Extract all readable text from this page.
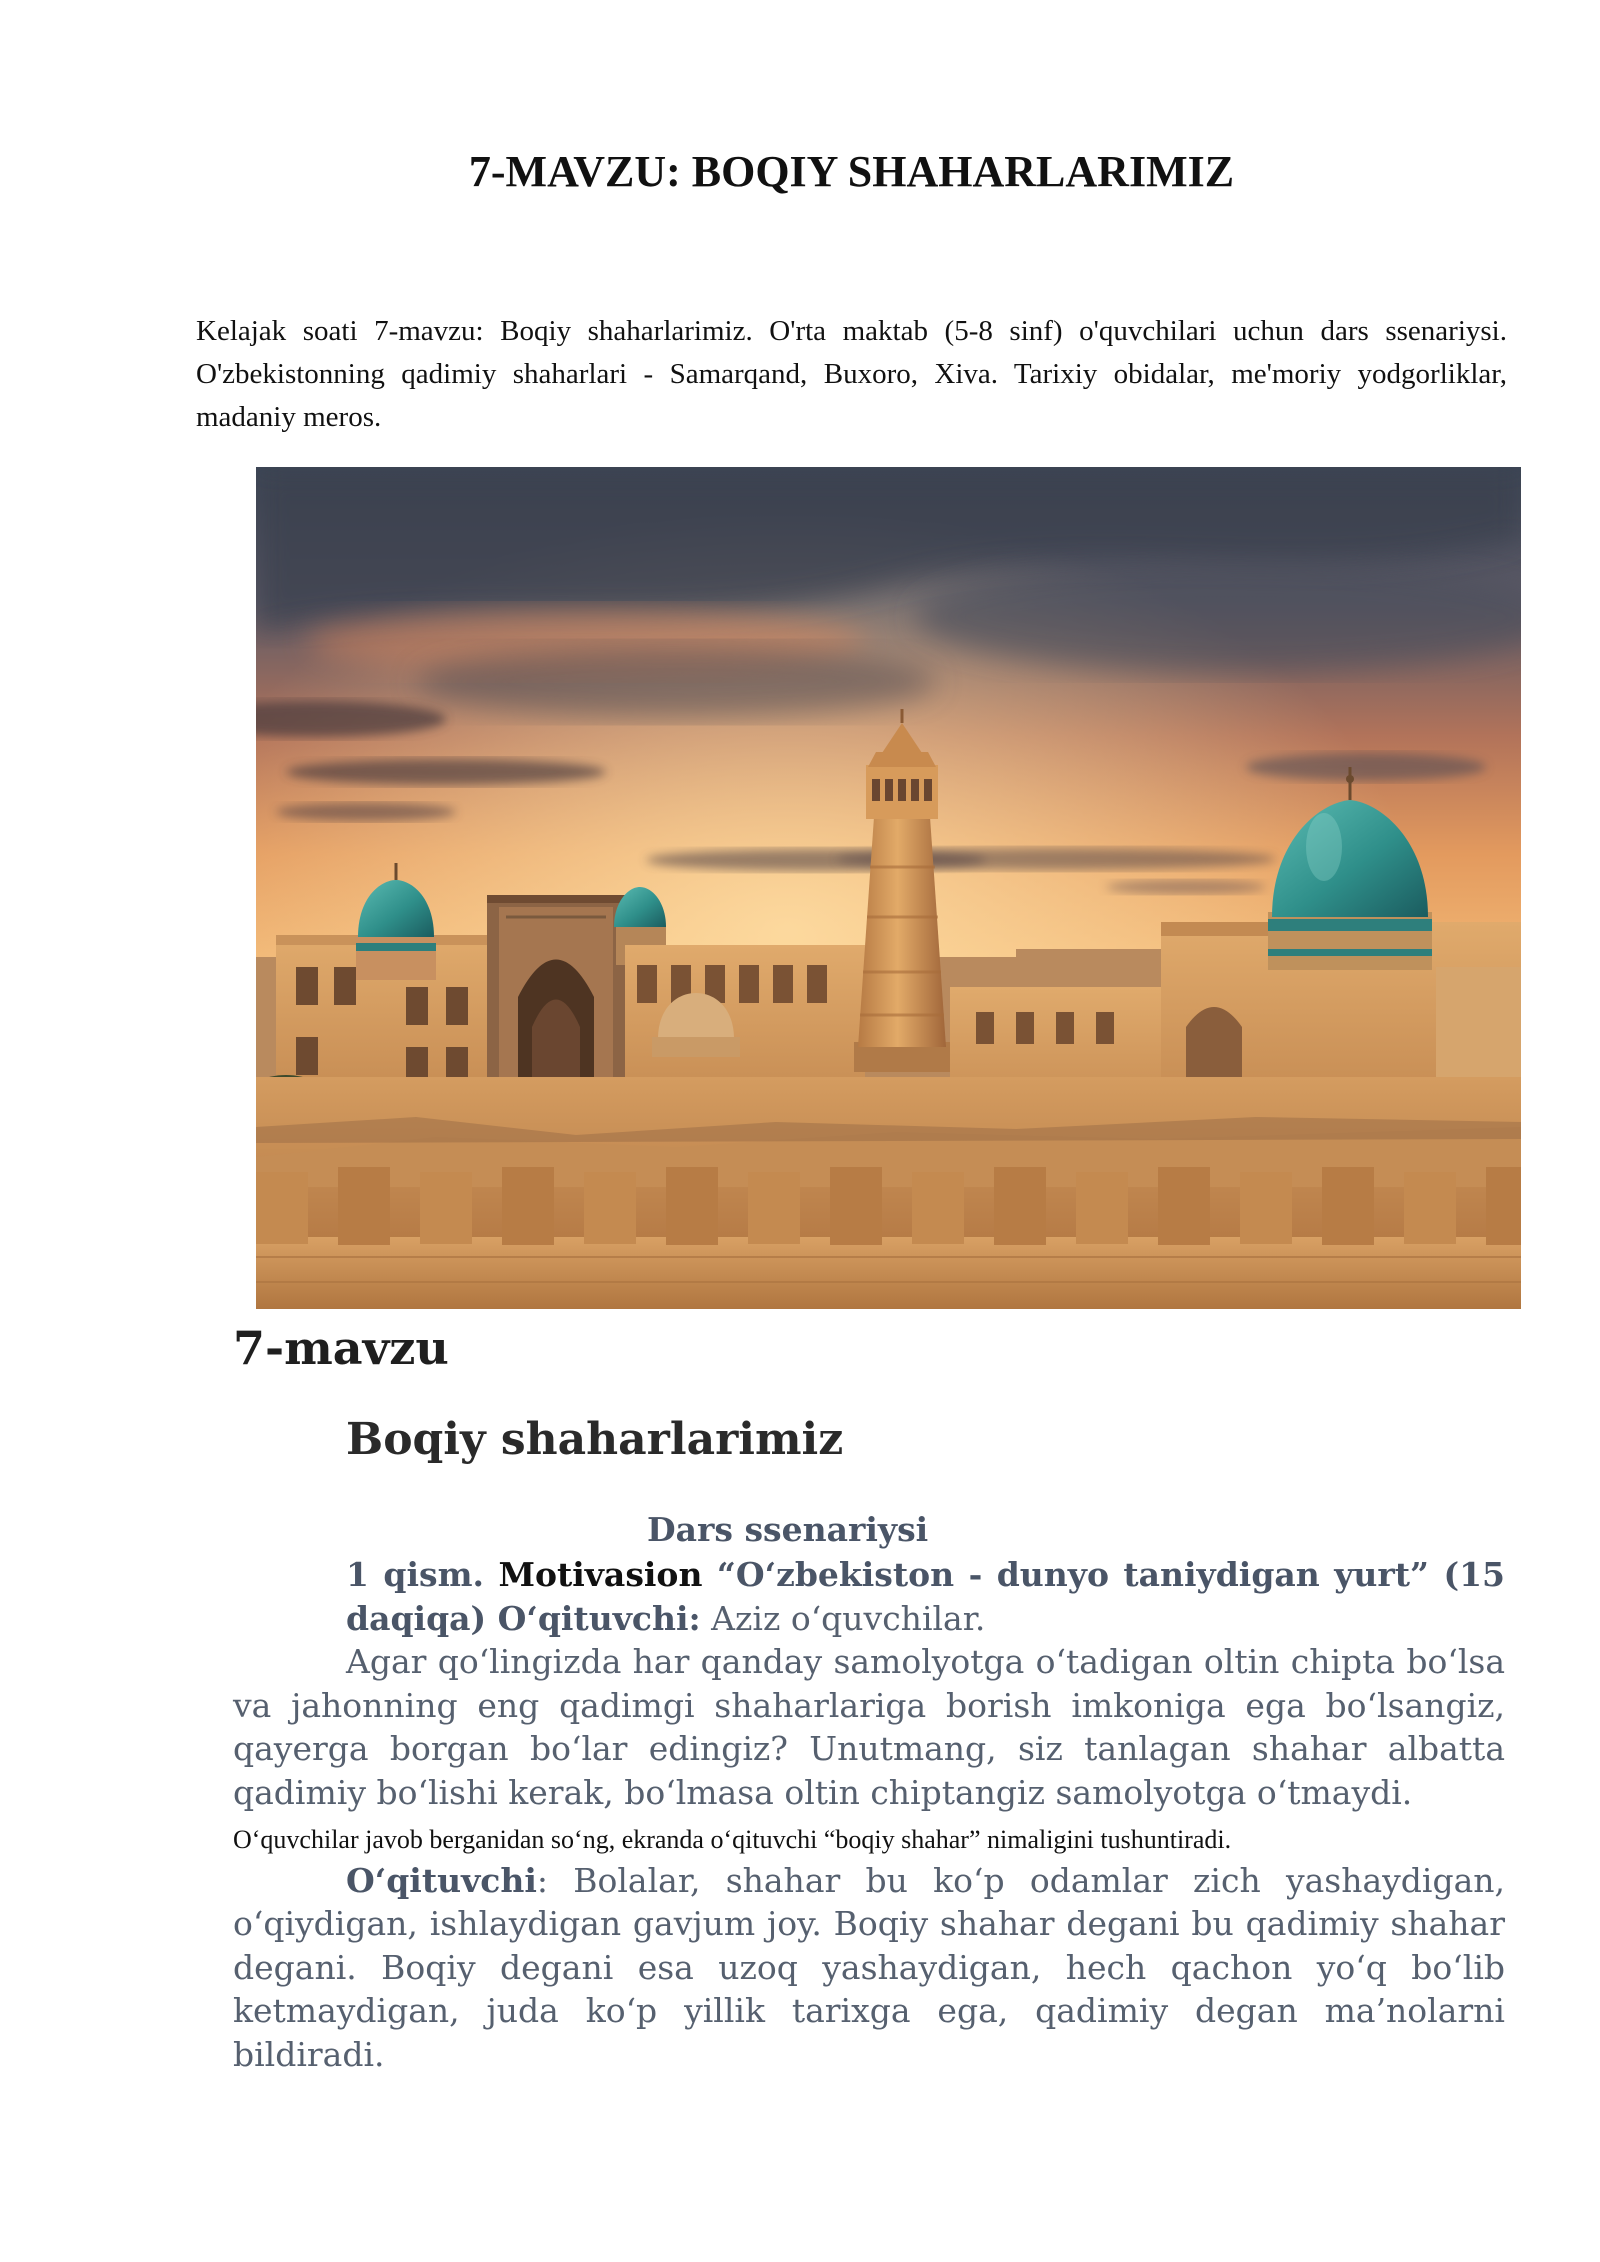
7-MAVZU: BOQIY SHAHARLARIMIZ

Kelajak soati 7-mavzu: Boqiy shaharlarimiz. O'rta maktab (5-8 sinf) o'quvchilari uchun dars ssenariysi. O'zbekistonning qadimiy shaharlari - Samarqand, Buxoro, Xiva. Tarixiy obidalar, me'moriy yodgorliklar, madaniy meros.

7-mavzu
Boqiy shaharlarimiz
Dars ssenariysi

1 qism. Motivasion “O‘zbekiston - dunyo taniydigan yurt” (15 daqiqa) O‘qituvchi: Aziz o‘quvchilar.

Agar qo‘lingizda har qanday samolyotga o‘tadigan oltin chipta bo‘lsa va jahonning eng qadimgi shaharlariga borish imkoniga ega bo‘lsangiz, qayerga borgan bo‘lar edingiz? Unutmang, siz tanlagan shahar albatta qadimiy bo‘lishi kerak, bo‘lmasa oltin chiptangiz samolyotga o‘tmaydi.

O‘quvchilar javob berganidan so‘ng, ekranda o‘qituvchi “boqiy shahar” nimaligini tushuntiradi.

O‘qituvchi: Bolalar, shahar bu ko‘p odamlar zich yashaydigan, o‘qiydigan, ishlaydigan gavjum joy. Boqiy shahar degani bu qadimiy shahar degani. Boqiy degani esa uzoq yashaydigan, hech qachon yo‘q bo‘lib ketmaydigan, juda ko‘p yillik tarixga ega, qadimiy degan ma’nolarni bildiradi.
